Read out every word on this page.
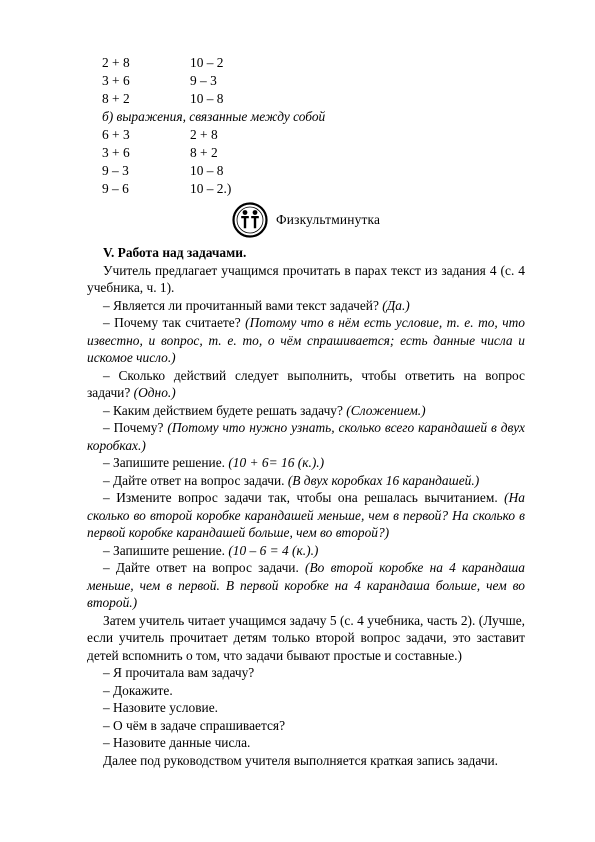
2 + 8	10 – 2
3 + 6	9 – 3
8 + 2	10 – 8
б) выражения, связанные между собой
6 + 3	2 + 8
3 + 6	8 + 2
9 – 3	10 – 8
9 – 6	10 – 2.)
Физкультминутка

V. Работа над задачами.

Учитель предлагает учащимся прочитать в парах текст из задания 4 (с. 4 учебника, ч. 1).

– Является ли прочитанный вами текст задачей? (Да.)

– Почему так считаете? (Потому что в нём есть условие, т. е. то, что известно, и вопрос, т. е. то, о чём спрашивается; есть данные числа и искомое число.)

– Сколько действий следует выполнить, чтобы ответить на вопрос задачи? (Одно.)

– Каким действием будете решать задачу? (Сложением.)

– Почему? (Потому что нужно узнать, сколько всего карандашей в двух коробках.)

– Запишите решение. (10 + 6= 16 (к.).)

– Дайте ответ на вопрос задачи. (В двух коробках 16 карандашей.)

– Измените вопрос задачи так, чтобы она решалась вычитанием. (На сколько во второй коробке карандашей меньше, чем в первой? На сколько в первой коробке карандашей больше, чем во второй?)

– Запишите решение. (10 – 6 = 4 (к.).)

– Дайте ответ на вопрос задачи. (Во второй коробке на 4 карандаша меньше, чем в первой. В первой коробке на 4 карандаша больше, чем во второй.)

Затем учитель читает учащимся задачу 5 (с. 4 учебника, часть 2). (Лучше, если учитель прочитает детям только второй вопрос задачи, это заставит детей вспомнить о том, что задачи бывают простые и составные.)

– Я прочитала вам задачу?

– Докажите.

– Назовите условие.

– О чём в задаче спрашивается?

– Назовите данные числа.

Далее под руководством учителя выполняется краткая запись задачи.
